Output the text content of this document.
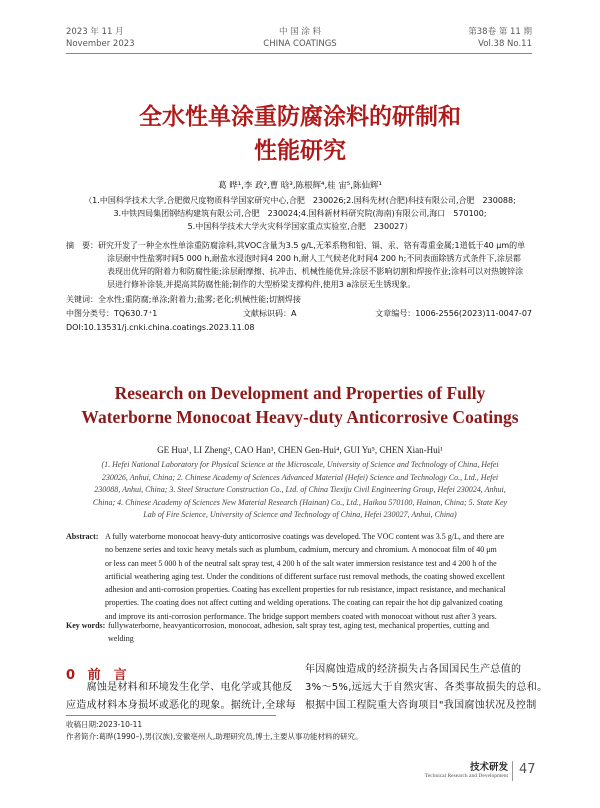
2023 年 11 月
November 2023
中 国 涂 料
CHINA COATINGS
第38卷 第 11 期
Vol.38 No.11
全水性单涂重防腐涂料的研制和
性能研究
葛 晔¹,李 政²,曹 晗³,陈根辉⁴,桂 宙⁵,陈仙辉¹
（1.中国科学技术大学,合肥微尺度物质科学国家研究中心,合肥　230026;2.国科先材(合肥)科技有限公司,合肥　230088;
3.中铁四局集团钢结构建筑有限公司,合肥　230024;4.国科新材料研究院(海南)有限公司,海口　570100;
5.中国科学技术大学火灾科学国家重点实验室,合肥　230027）
摘　要： 研究开发了一种全水性单涂重防腐涂料,其VOC含量为3.5 g/L,无苯系物和铅、镉、汞、铬有毒重金属;1道低于40 μm的单
涂层耐中性盐雾时间5 000 h,耐盐水浸泡时间4 200 h,耐人工气候老化时间4 200 h;不同表面除锈方式条件下,涂层都
表现出优异的附着力和防腐性能;涂层耐摩擦、抗冲击、机械性能优异;涂层不影响切割和焊接作业;涂料可以对热镀锌涂
层进行修补涂装,并提高其防腐性能;制作的大型桥梁支撑构件,使用3 a涂层无生锈现象。
关键词：全水性;重防腐;单涂;附着力;盐雾;老化;机械性能;切割焊接
中图分类号：TQ630.7⁺1	文献标识码：A	文章编号：1006-2556(2023)11-0047-07
DOI:10.13531/j.cnki.china.coatings.2023.11.08
Research on Development and Properties of Fully
Waterborne Monocoat Heavy-duty Anticorrosive Coatings
GE Hua¹, LI Zheng², CAO Han³, CHEN Gen-Hui⁴, GUI Yu⁵, CHEN Xian-Hui¹
(1. Hefei National Laboratory for Physical Science at the Microscale, University of Science and Technology of China, Hefei
230026, Anhui, China; 2. Chinese Academy of Sciences Advanced Material (Hefei) Science and Technology Co., Ltd., Hefei
230088, Anhui, China; 3. Steel Structure Construction Co., Ltd. of China Tiexiju Civil Engineering Group, Hefei 230024, Anhui,
China; 4. Chinese Academy of Sciences New Material Research (Hainan) Co., Ltd., Haikou 570100, Hainan, China; 5. State Key
Lab of Fire Science, University of Science and Technology of China, Hefei 230027, Anhui, China)
Abstract: A fully waterborne monocoat heavy-duty anticorrosive coatings was developed. The VOC content was 3.5 g/L, and there are
no benzene series and toxic heavy metals such as plumbum, cadmium, mercury and chromium. A monocoat film of 40 μm
or less can meet 5 000 h of the neutral salt spray test, 4 200 h of the salt water immersion resistance test and 4 200 h of the
artificial weathering aging test. Under the conditions of different surface rust removal methods, the coating showed excellent
adhesion and anti-corrosion properties. Coating has excellent properties for rub resistance, impact resistance, and mechanical
properties. The coating does not affect cutting and welding operations. The coating can repair the hot dip galvanized coating
and improve its anti-corrosion performance. The bridge support members coated with monocoat without rust after 3 years.
Key words: fullywaterborne, heavyanticorrosion, monocoat, adhesion, salt spray test, aging test, mechanical properties, cutting and
welding
0 前　言
　　腐蚀是材料和环境发生化学、电化学或其他反
应造成材料本身损坏或恶化的现象。据统计,全球每
年因腐蚀造成的经济损失占各国国民生产总值的
3%～5%,远远大于自然灾害、各类事故损失的总和。
根据中国工程院重大咨询项目"我国腐蚀状况及控制
收稿日期:2023-10-11
作者简介:葛晔(1990–),男(汉族),安徽亳州人,助理研究员,博士,主要从事功能材料的研究。
技术研发
Technical Research and Development 47
